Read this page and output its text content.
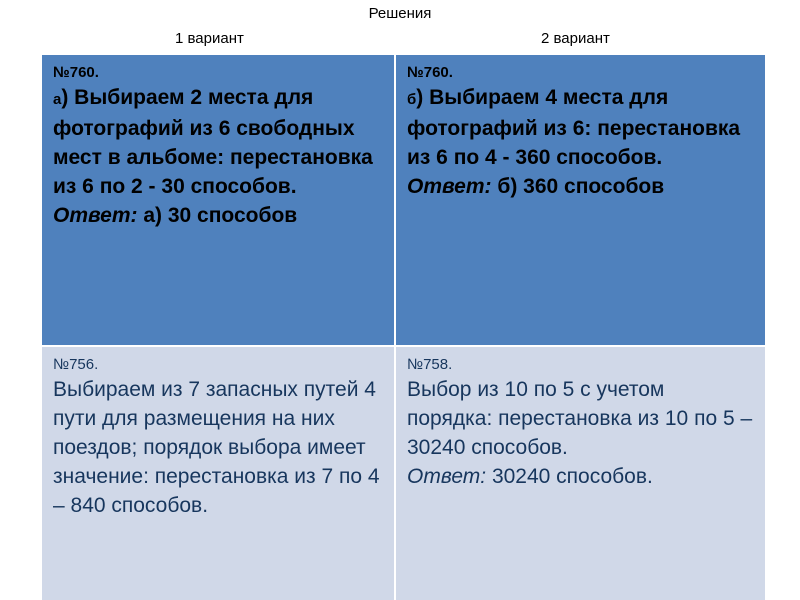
Решения
1 вариант	2 вариант
№760.
а) Выбираем 2 места для фотографий из 6 свободных мест в альбоме: перестановка из 6 по 2 - 30 способов.
Ответ: а) 30 способов
№760.
б) Выбираем 4 места для фотографий из 6: перестановка из 6 по 4 - 360 способов.
Ответ: б) 360 способов
№756.
Выбираем из 7 запасных путей 4 пути для размещения на них поездов; порядок выбора имеет значение: перестановка из 7 по 4 – 840 способов.
№758.
Выбор из 10 по 5 с учетом порядка: перестановка из 10 по 5 – 30240 способов.
Ответ: 30240 способов.
